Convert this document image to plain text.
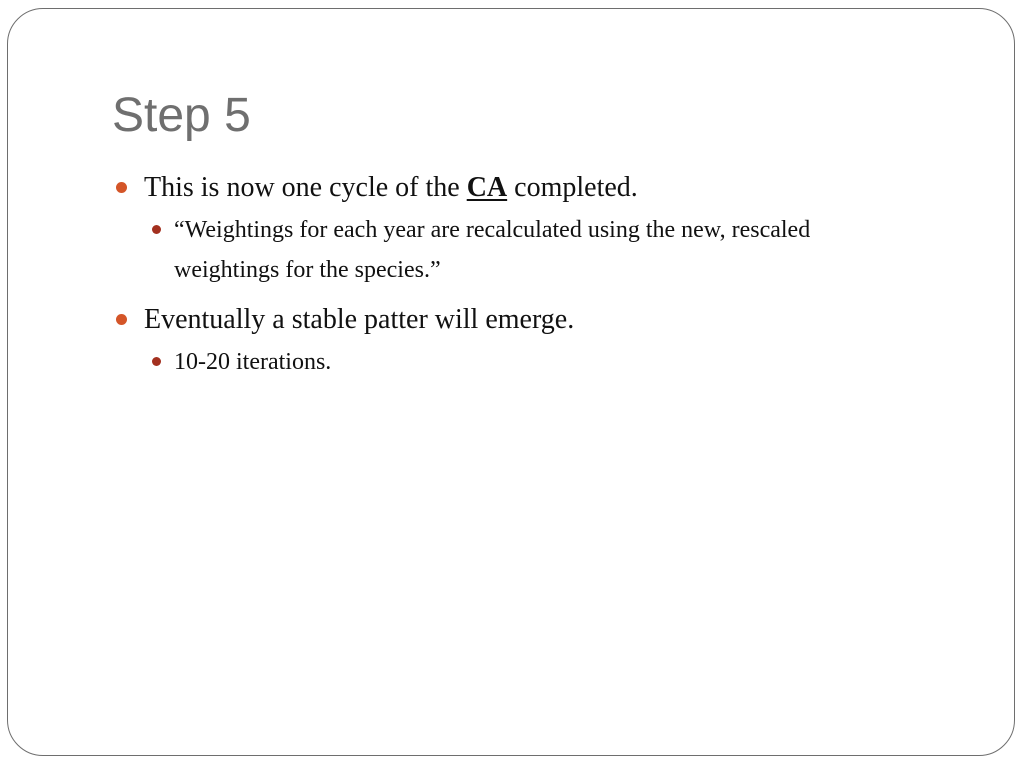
Step 5
This is now one cycle of the CA completed.
“Weightings for each year are recalculated using the new, rescaled weightings for the species.”
Eventually a stable patter will emerge.
10-20 iterations.
